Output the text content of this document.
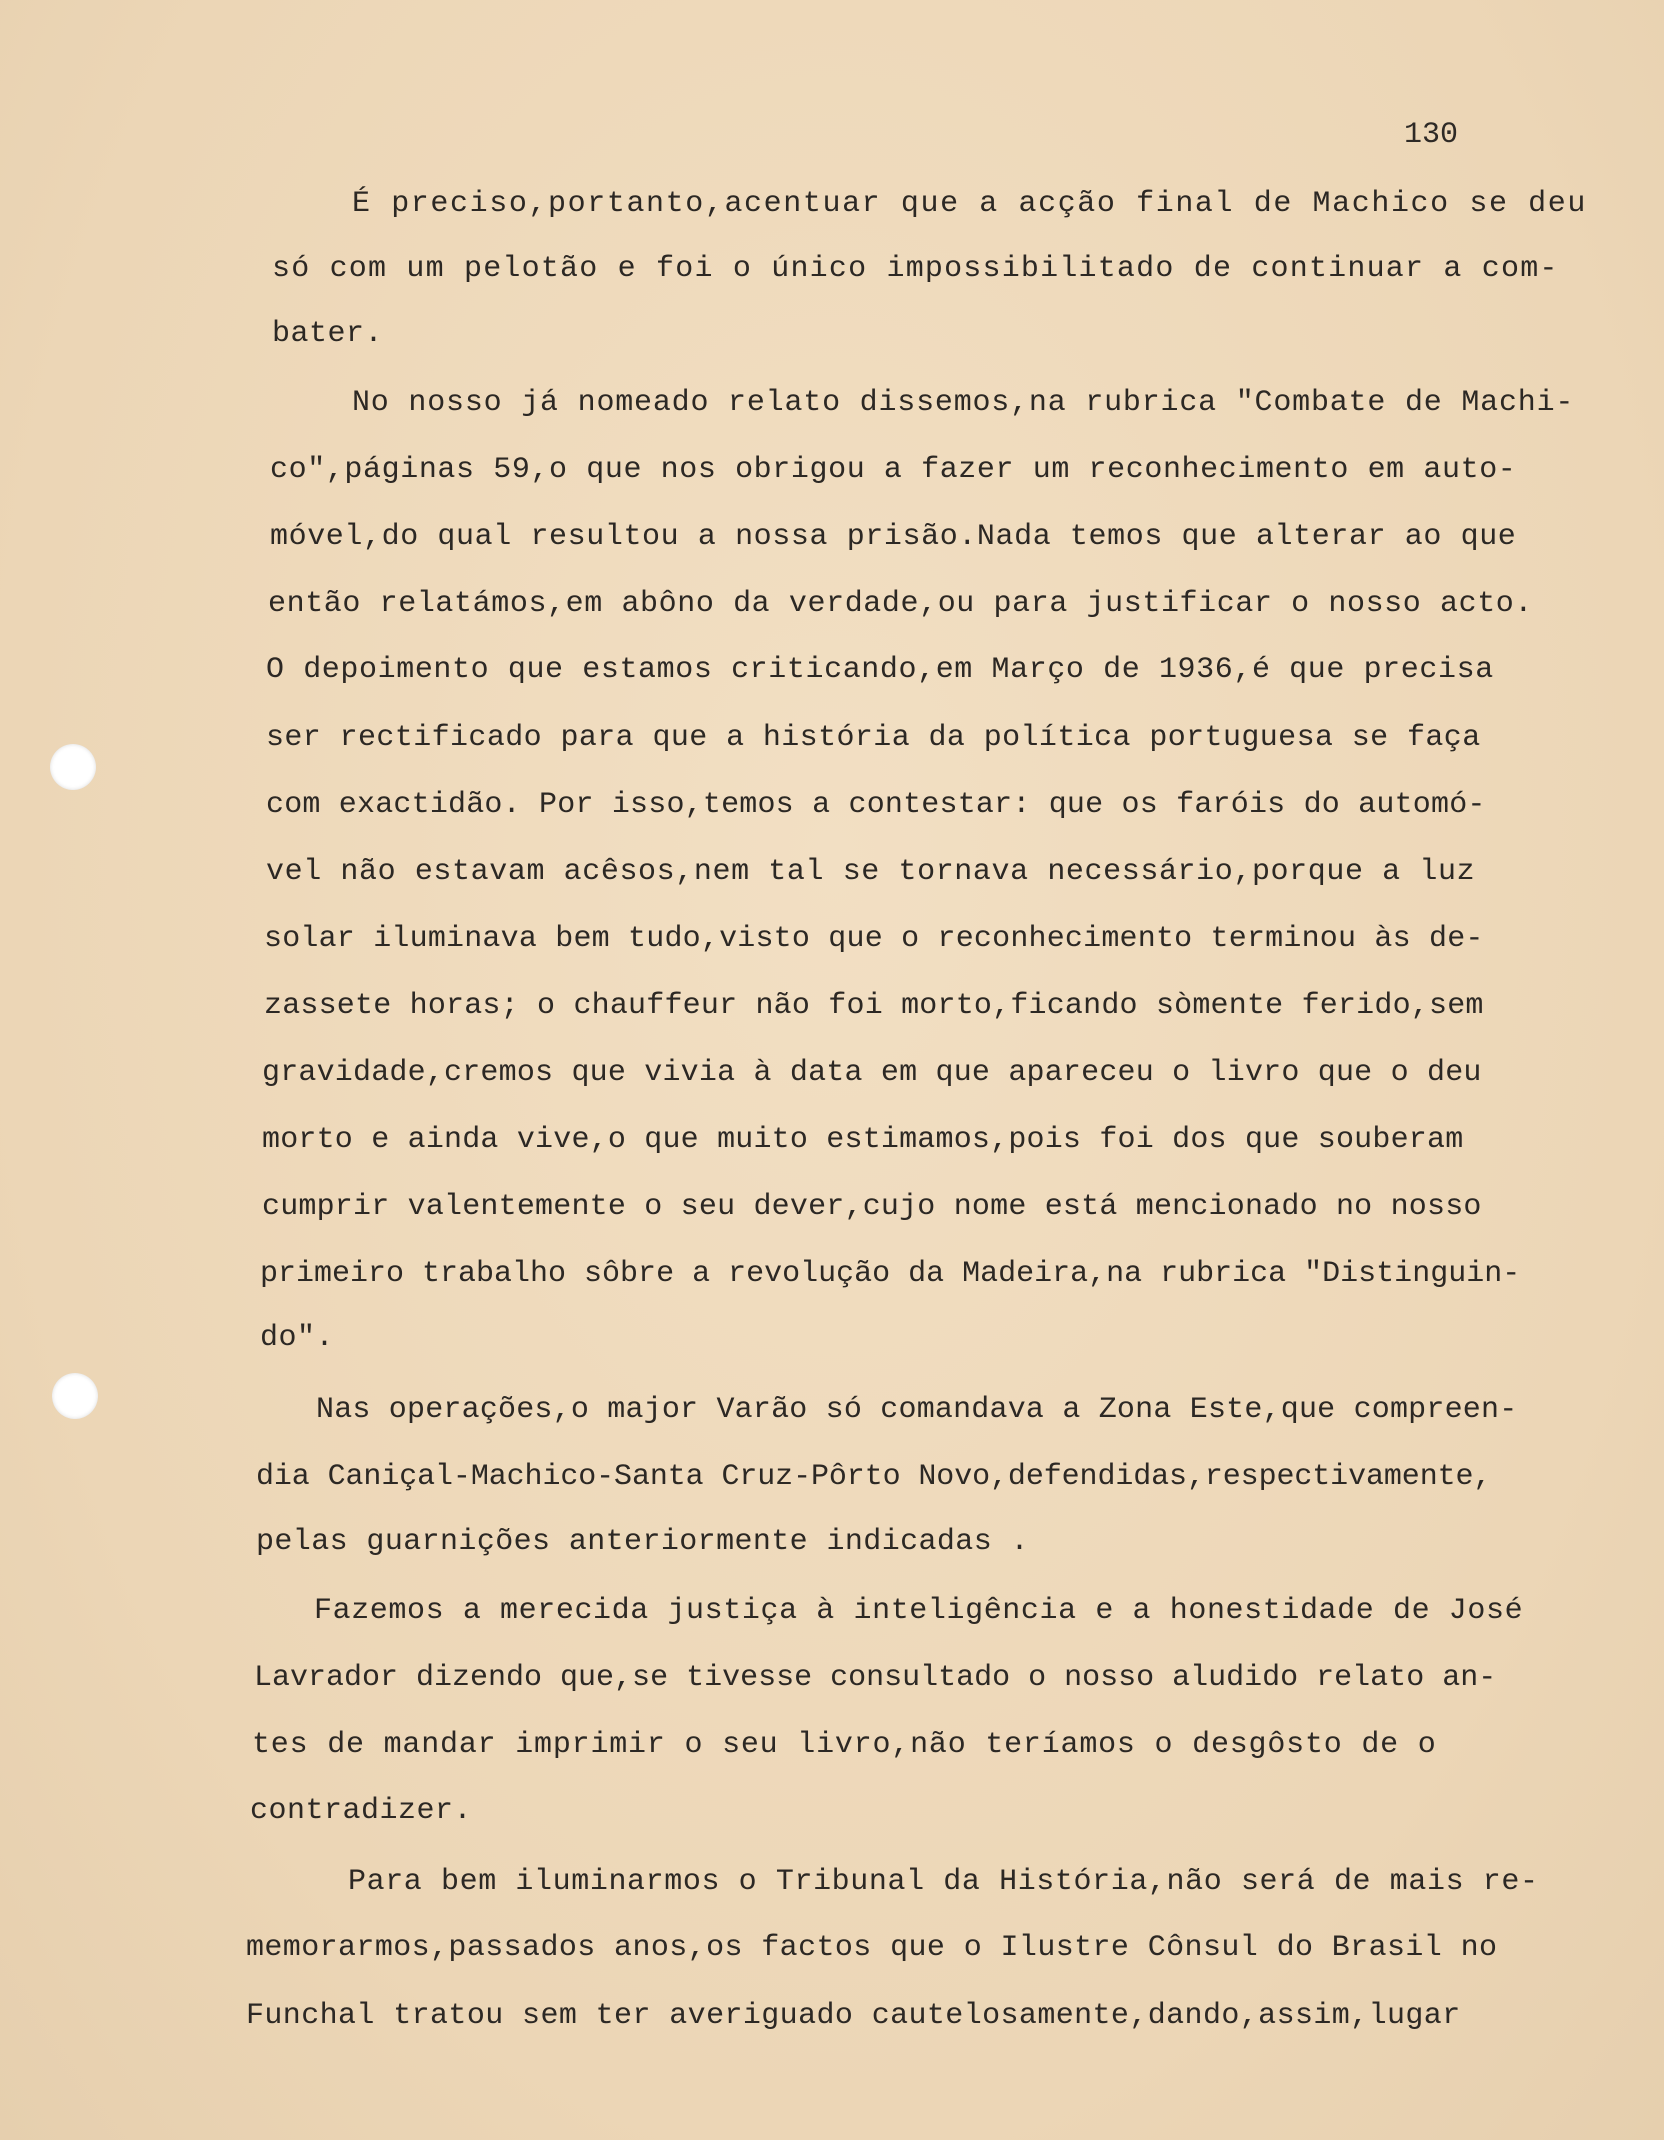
130
É preciso,portanto,acentuar que a acção final de Machico se deu
só com um pelotão e foi o único impossibilitado de continuar a com-
bater.
No nosso já nomeado relato dissemos,na rubrica "Combate de Machi-
co",páginas 59,o que nos obrigou a fazer um reconhecimento em auto-
móvel,do qual resultou a nossa prisão.Nada temos que alterar ao que
então relatámos,em abôno da verdade,ou para justificar o nosso acto.
O depoimento que estamos criticando,em Março de 1936,é que precisa
ser rectificado para que a história da política portuguesa se faça
com exactidão. Por isso,temos a contestar: que os faróis do automó-
vel não estavam acêsos,nem tal se tornava necessário,porque a luz
solar iluminava bem tudo,visto que o reconhecimento terminou às de-
zassete horas; o chauffeur não foi morto,ficando sòmente ferido,sem
gravidade,cremos que vivia à data em que apareceu o livro que o deu
morto e ainda vive,o que muito estimamos,pois foi dos que souberam
cumprir valentemente o seu dever,cujo nome está mencionado no nosso
primeiro trabalho sôbre a revolução da Madeira,na rubrica "Distinguin-
do".
Nas operações,o major Varão só comandava a Zona Este,que compreen-
dia Caniçal-Machico-Santa Cruz-Pôrto Novo,defendidas,respectivamente,
pelas guarnições anteriormente indicadas .
Fazemos a merecida justiça à inteligência e a honestidade de José
Lavrador dizendo que,se tivesse consultado o nosso aludido relato an-
tes de mandar imprimir o seu livro,não teríamos o desgôsto de o
contradizer.
Para bem iluminarmos o Tribunal da História,não será de mais re-
memorarmos,passados anos,os factos que o Ilustre Cônsul do Brasil no
Funchal tratou sem ter averiguado cautelosamente,dando,assim,lugar
